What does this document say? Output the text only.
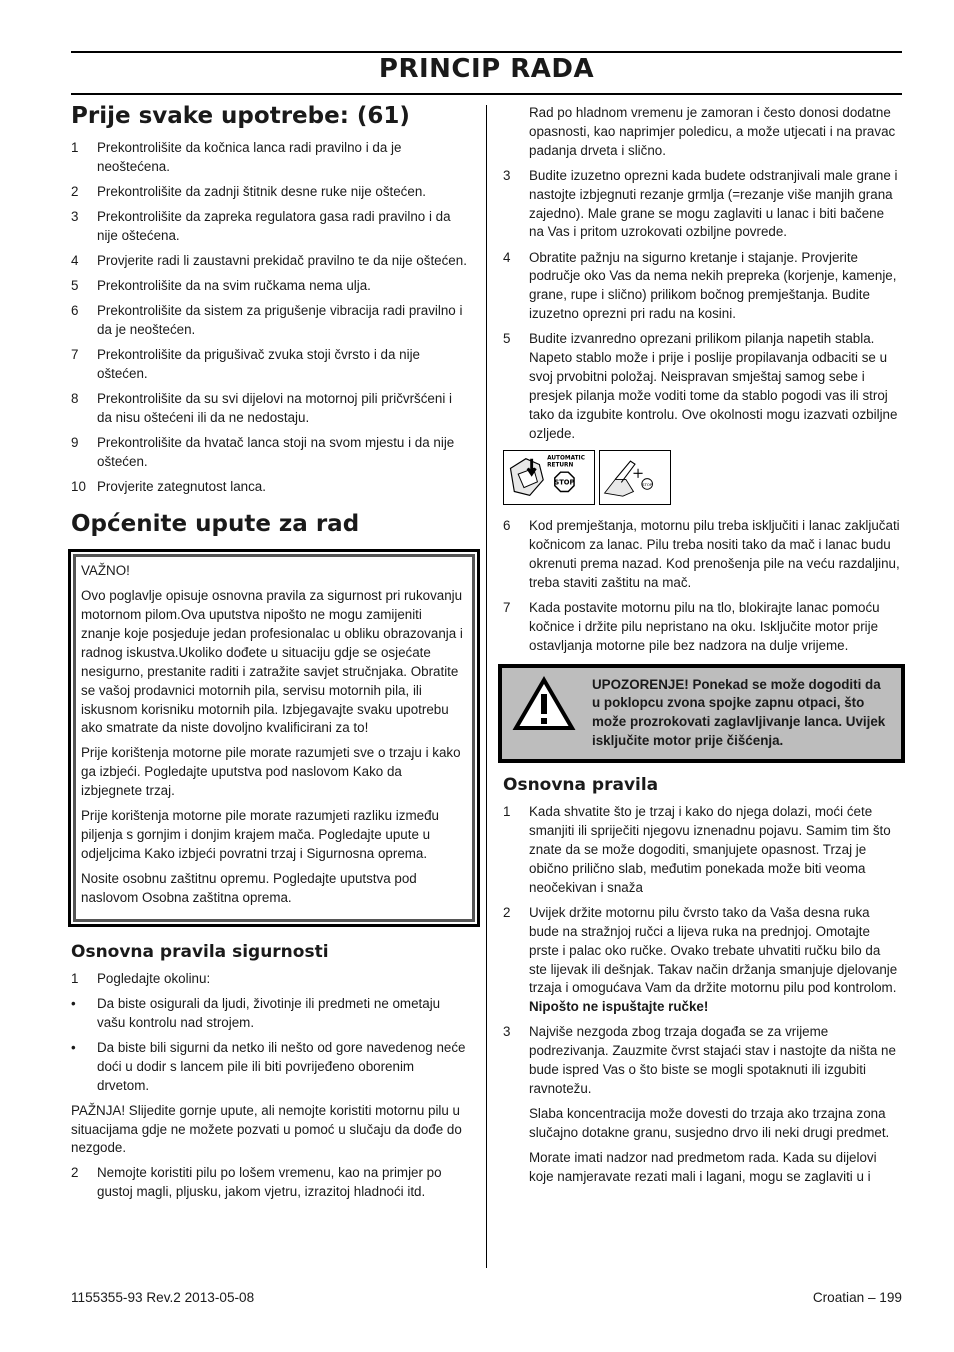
PRINCIP RADA
Prije svake upotrebe: (61)
1	Prekontrolišite da kočnica lanca radi pravilno i da je neoštećena.
2	Prekontrolišite da zadnji štitnik desne ruke nije oštećen.
3	Prekontrolišite da zapreka regulatora gasa radi pravilno i da nije oštećena.
4	Provjerite radi li zaustavni prekidač pravilno te da nije oštećen.
5	Prekontrolišite da na svim ručkama nema ulja.
6	Prekontrolišite da sistem za prigušenje vibracija radi pravilno i da je neoštećen.
7	Prekontrolišite da prigušivač zvuka stoji čvrsto i da nije oštećen.
8	Prekontrolišite da su svi dijelovi na motornoj pili pričvršćeni i da nisu oštećeni ili da ne nedostaju.
9	Prekontrolišite da hvatač lanca stoji na svom mjestu i da nije oštećen.
10 Provjerite zategnutost lanca.
Općenite upute za rad

VAŽNO!

Ovo poglavlje opisuje osnovna pravila za sigurnost pri rukovanju motornom pilom.Ova uputstva nipošto ne mogu zamijeniti znanje koje posjeduje jedan profesionalac u obliku obrazovanja i radnog iskustva.Ukoliko dođete u situaciju gdje se osjećate nesigurno, prestanite raditi i zatražite savjet stručnjaka. Obratite se vašoj prodavnici motornih pila, servisu motornih pila, ili iskusnom korisniku motornih pila. Izbjegavajte svaku upotrebu ako smatrate da niste dovoljno kvalificirani za to!

Prije korištenja motorne pile morate razumjeti sve o trzaju i kako ga izbjeći. Pogledajte uputstva pod naslovom Kako da izbjegnete trzaj.

Prije korištenja motorne pile morate razumjeti razliku između piljenja s gornjim i donjim krajem mača. Pogledajte upute u odjeljcima Kako izbjeći povratni trzaj i Sigurnosna oprema.

Nosite osobnu zaštitnu opremu. Pogledajte uputstva pod naslovom Osobna zaštitna oprema.

Osnovna pravila sigurnosti
1	Pogledajte okolinu:
•	Da biste osigurali da ljudi, životinje ili predmeti ne ometaju vašu kontrolu nad strojem.
•	Da biste bili sigurni da netko ili nešto od gore navedenog neće doći u dodir s lancem pile ili biti povrijeđeno oborenim drvetom.

PAŽNJA! Slijedite gornje upute, ali nemojte koristiti motornu pilu u situacijama gdje ne možete pozvati u pomoć u slučaju da dođe do nezgode.

2	Nemojte koristiti pilu po lošem vremenu, kao na primjer po gustoj magli, pljusku, jakom vjetru, izrazitoj hladnoći itd.

Rad po hladnom vremenu je zamoran i često donosi dodatne opasnosti, kao naprimjer poledicu, a može utjecati i na pravac padanja drveta i slično.

3	Budite izuzetno oprezni kada budete odstranjivali male grane i nastojte izbjegnuti rezanje grmlja (=rezanje više manjih grana zajedno). Male grane se mogu zaglaviti u lanac i biti bačene na Vas i pritom uzrokovati ozbiljne povrede.
4	Obratite pažnju na sigurno kretanje i stajanje. Provjerite područje oko Vas da nema nekih prepreka (korjenje, kamenje, grane, rupe i slično) prilikom bočnog premještanja. Budite izuzetno oprezni pri radu na kosini.
5	Budite izvanredno oprezani prilikom pilanja napetih stabla. Napeto stablo može i prije i poslije propilavanja odbaciti se u svoj prvobitni položaj. Neispravan smještaj samog sebe i presjek pilanja može voditi tome da stablo pogodi vas ili stroj tako da izgubite kontrolu. Ove okolnosti mogu izazvati ozbiljne ozljede.
AUTOMATIC
RETURN
STOP	STOP
6	Kod premještanja, motornu pilu treba isključiti i lanac zaključati kočnicom za lanac. Pilu treba nositi tako da mač i lanac budu okrenuti prema nazad. Kod prenošenja pile na veću razdaljinu, treba staviti zaštitu na mač.
7	Kada postavite motornu pilu na tlo, blokirajte lanac pomoću kočnice i držite pilu nepristano na oku. Isključite motor prije ostavljanja motorne pile bez nadzora na dulje vrijeme.
UPOZORENJE! Ponekad se može dogoditi da u poklopcu zvona spojke zapnu otpaci, što može prozrokovati zaglavljivanje lanca. Uvijek isključite motor prije čišćenja.
Osnovna pravila
1	Kada shvatite što je trzaj i kako do njega dolazi, moći ćete smanjiti ili spriječiti njegovu iznenadnu pojavu. Samim tim što znate da se može dogoditi, smanjujete opasnost. Trzaj je obično prilično slab, međutim ponekada može biti veoma neočekivan i snaža
2	Uvijek držite motornu pilu čvrsto tako da Vaša desna ruka bude na stražnjoj ručci a lijeva ruka na prednjoj. Omotajte prste i palac oko ručke. Ovako trebate uhvatiti ručku bilo da ste lijevak ili dešnjak. Takav način držanja smanjuje djelovanje trzaja i omogućava Vam da držite motornu pilu pod kontrolom. Nipošto ne ispuštajte ručke!
3	Najviše nezgoda zbog trzaja događa se za vrijeme podrezivanja. Zauzmite čvrst stajaći stav i nastojte da ništa ne bude ispred Vas o što biste se mogli spotaknuti ili izgubiti ravnotežu.

Slaba koncentracija može dovesti do trzaja ako trzajna zona slučajno dotakne granu, susjedno drvo ili neki drugi predmet.

Morate imati nadzor nad predmetom rada. Kada su dijelovi koje namjeravate rezati mali i lagani, mogu se zaglaviti u i

1155355-93 Rev.2 2013-05-08	Croatian – 199
